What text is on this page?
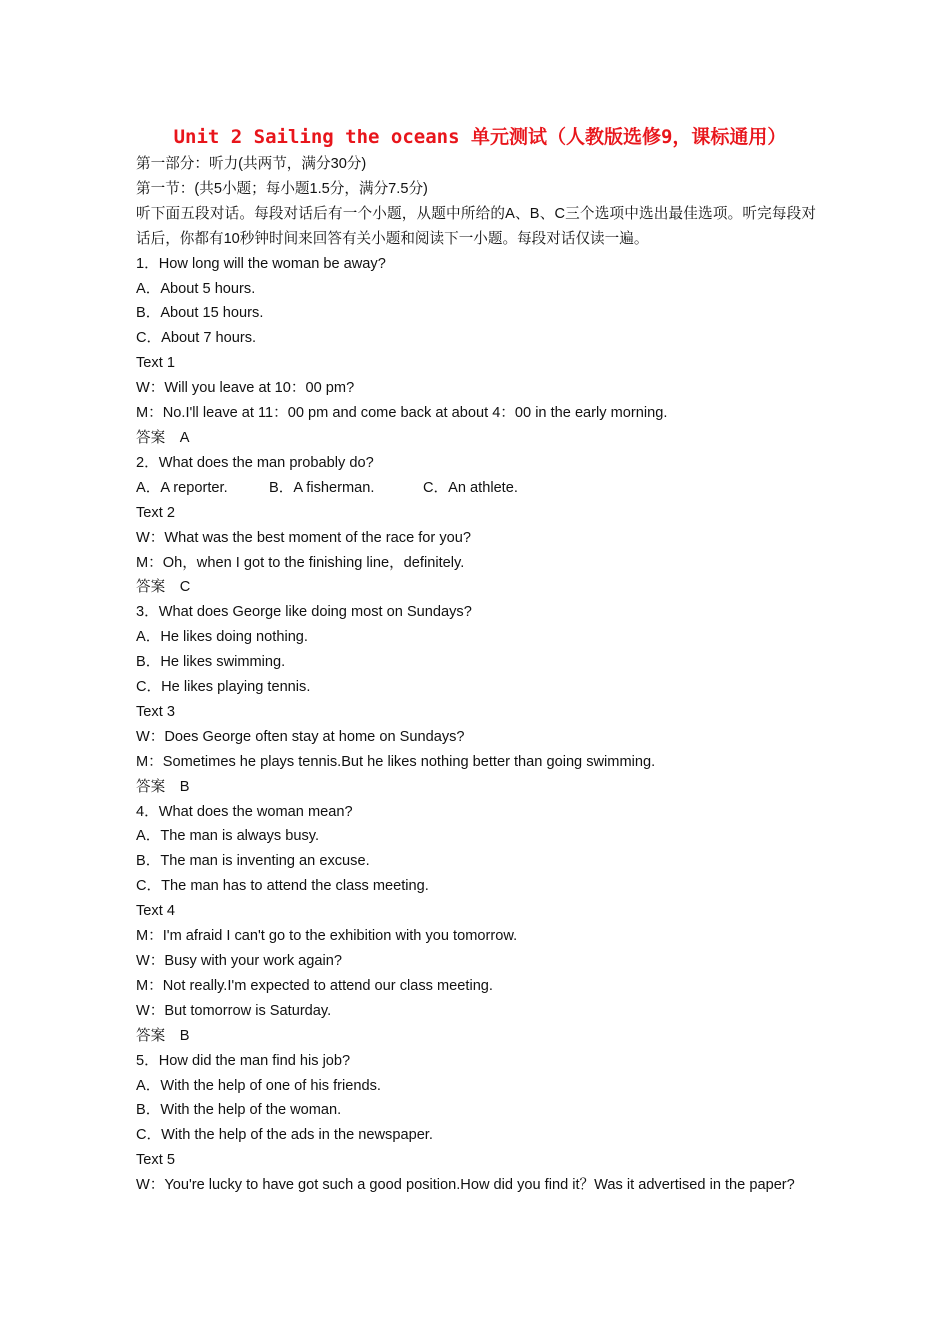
Unit 2 Sailing the oceans 单元测试（人教版选修9，课标通用）
第一部分：听力(共两节，满分30分)
第一节：(共5小题；每小题1.5分，满分7.5分)
听下面五段对话。每段对话后有一个小题，从题中所给的A、B、C三个选项中选出最佳选项。听完每段对话后，你都有10秒钟时间来回答有关小题和阅读下一小题。每段对话仅读一遍。
1．How long will the woman be away?
A．About 5 hours.
B．About 15 hours.
C．About 7 hours.
Text 1
W：Will you leave at 10：00 pm?
M：No.I'll leave at 11：00 pm and come back at about 4：00 in the early morning.
答案　A
2．What does the man probably do?
A．A reporter.	B．A fisherman.	C．An athlete.
Text 2
W：What was the best moment of the race for you?
M：Oh，when I got to the finishing line，definitely.
答案　C
3．What does George like doing most on Sundays?
A．He likes doing nothing.
B．He likes swimming.
C．He likes playing tennis.
Text 3
W：Does George often stay at home on Sundays?
M：Sometimes he plays tennis.But he likes nothing better than going swimming.
答案　B
4．What does the woman mean?
A．The man is always busy.
B．The man is inventing an excuse.
C．The man has to attend the class meeting.
Text 4
M：I'm afraid I can't go to the exhibition with you tomorrow.
W：Busy with your work again?
M：Not really.I'm expected to attend our class meeting.
W：But tomorrow is Saturday.
答案　B
5．How did the man find his job?
A．With the help of one of his friends.
B．With the help of the woman.
C．With the help of the ads in the newspaper.
Text 5
W：You're lucky to have got such a good position.How did you find it？Was it advertised in the paper?
